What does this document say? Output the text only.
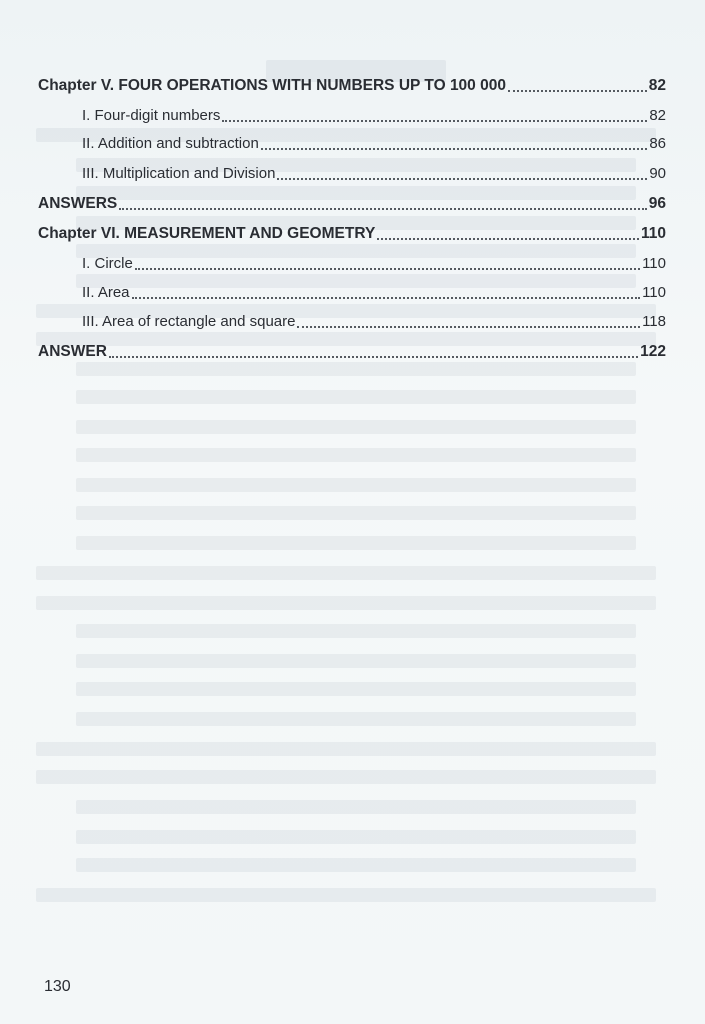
Chapter V. FOUR OPERATIONS WITH NUMBERS UP TO 100 000	82
I. Four-digit numbers	82
II. Addition and subtraction	86
III. Multiplication and Division	90
ANSWERS	96
Chapter VI. MEASUREMENT AND GEOMETRY	110
I. Circle	110
II. Area	110
III. Area of rectangle and square	118
ANSWER	122
130
